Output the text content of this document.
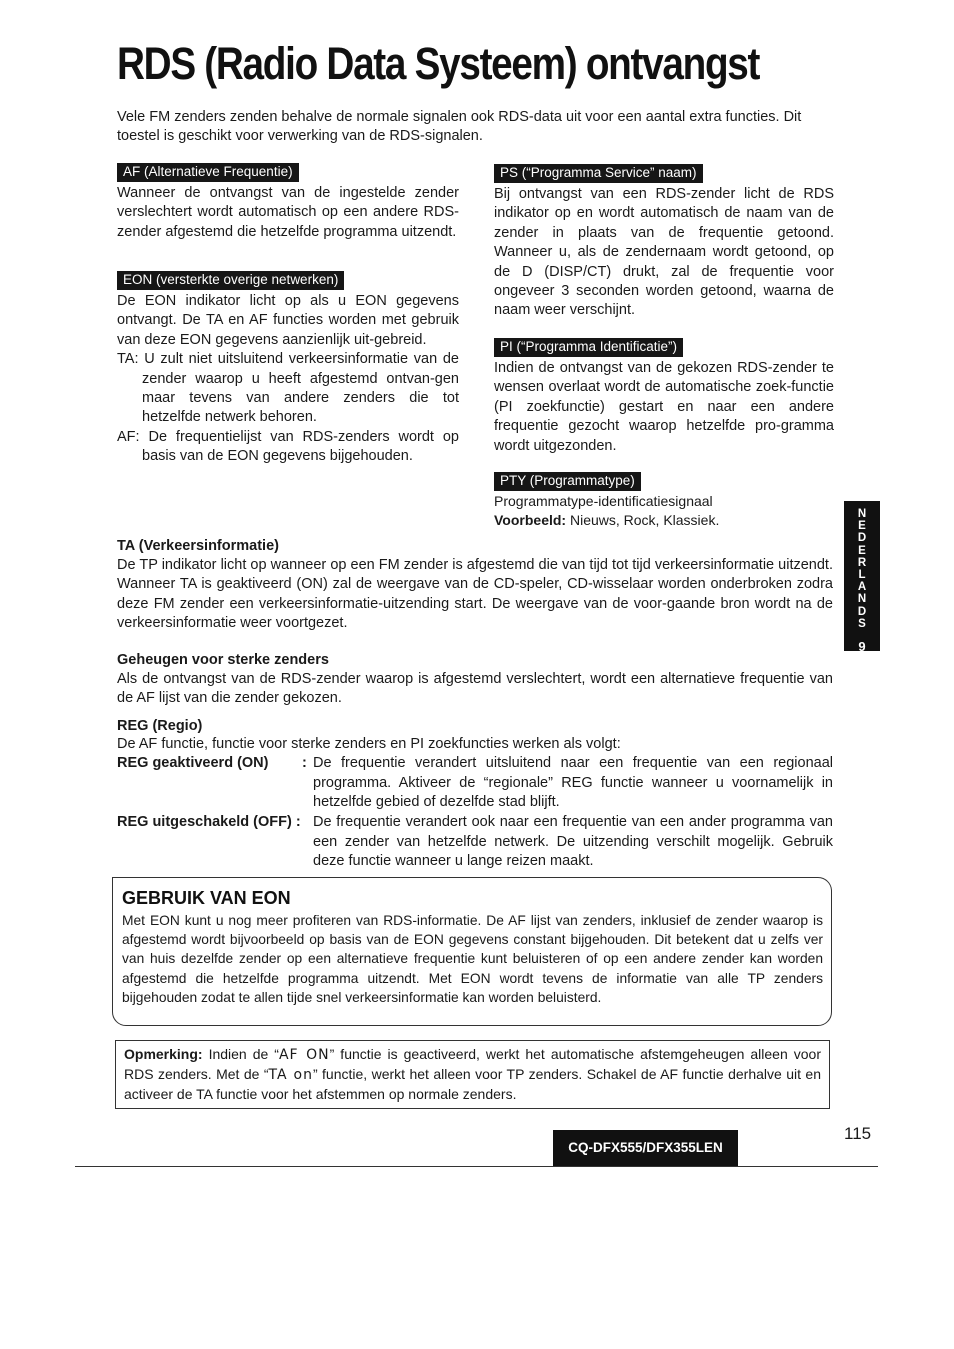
RDS (Radio Data Systeem) ontvangst

Vele FM zenders zenden behalve de normale signalen ook RDS-data uit voor een aantal extra functies. Dit toestel is geschikt voor verwerking van de RDS-signalen.

AF (Alternatieve Frequentie)

Wanneer de ontvangst van de ingestelde zender verslechtert wordt automatisch op een andere RDS-zender afgestemd die hetzelfde programma uitzendt.

EON (versterkte overige netwerken)

De EON indikator licht op als u EON gegevens ontvangt. De TA en AF functies worden met gebruik van deze EON gegevens aanzienlijk uit-gebreid.

TA: U zult niet uitsluitend verkeersinformatie van de zender waarop u heeft afgestemd ontvan-gen maar tevens van andere zenders die tot hetzelfde netwerk behoren.

AF: De frequentielijst van RDS-zenders wordt op basis van de EON gegevens bijgehouden.

PS (“Programma Service” naam)

Bij ontvangst van een RDS-zender licht de RDS indikator op en wordt automatisch de naam van de zender in plaats van de frequentie getoond. Wanneer u, als de zendernaam wordt getoond, op de D (DISP/CT) drukt, zal de frequentie voor ongeveer 3 seconden worden getoond, waarna de naam weer verschijnt.

PI (“Programma Identificatie”)

Indien de ontvangst van de gekozen RDS-zender te wensen overlaat wordt de automatische zoek-functie (PI zoekfunctie) gestart en naar een andere frequentie gezocht waarop hetzelfde pro-gramma wordt uitgezonden.

PTY (Programmatype)

Programmatype-identificatiesignaal

Voorbeeld: Nieuws, Rock, Klassiek.	N
E
D
E
R
L
A
N
D
S
9
TA (Verkeersinformatie)

De TP indikator licht op wanneer op een FM zender is afgestemd die van tijd tot tijd verkeersinformatie uitzendt. Wanneer TA is geaktiveerd (ON) zal de weergave van de CD-speler, CD-wisselaar worden onderbroken zodra deze FM zender een verkeersinformatie-uitzending start. De weergave van de voor-gaande bron wordt na de verkeersinformatie weer voortgezet.

Geheugen voor sterke zenders

Als de ontvangst van de RDS-zender waarop is afgestemd verslechtert, wordt een alternatieve frequentie van de AF lijst van die zender gekozen.

REG (Regio)

De AF functie, functie voor sterke zenders en PI zoekfuncties werken als volgt:

REG geaktiveerd (ON) : De frequentie verandert uitsluitend naar een frequentie van een regionaal programma. Aktiveer de “regionale” REG functie wanneer u voornamelijk in hetzelfde gebied of dezelfde stad blijft.

REG uitgeschakeld (OFF) : De frequentie verandert ook naar een frequentie van een ander programma van een zender van hetzelfde netwerk. De uitzending verschilt mogelijk. Gebruik deze functie wanneer u lange reizen maakt.

GEBRUIK VAN EON

Met EON kunt u nog meer profiteren van RDS-informatie. De AF lijst van zenders, inklusief de zender waarop is afgestemd wordt bijvoorbeeld op basis van de EON gegevens constant bijgehouden. Dit betekent dat u zelfs ver van huis dezelfde zender op een alternatieve frequentie kunt beluisteren of op een andere zender kan worden afgestemd die hetzelfde programma uitzendt. Met EON wordt tevens de informatie van alle TP zenders bijgehouden zodat te allen tijde snel verkeersinformatie kan worden beluisterd.

Opmerking: Indien de “AF ON” functie is geactiveerd, werkt het automatische afstemgeheugen alleen voor RDS zenders. Met de “TA on” functie, werkt het alleen voor TP zenders. Schakel de AF functie derhalve uit en activeer de TA functie voor het afstemmen op normale zenders.

CQ-DFX555/DFX355LEN
115
